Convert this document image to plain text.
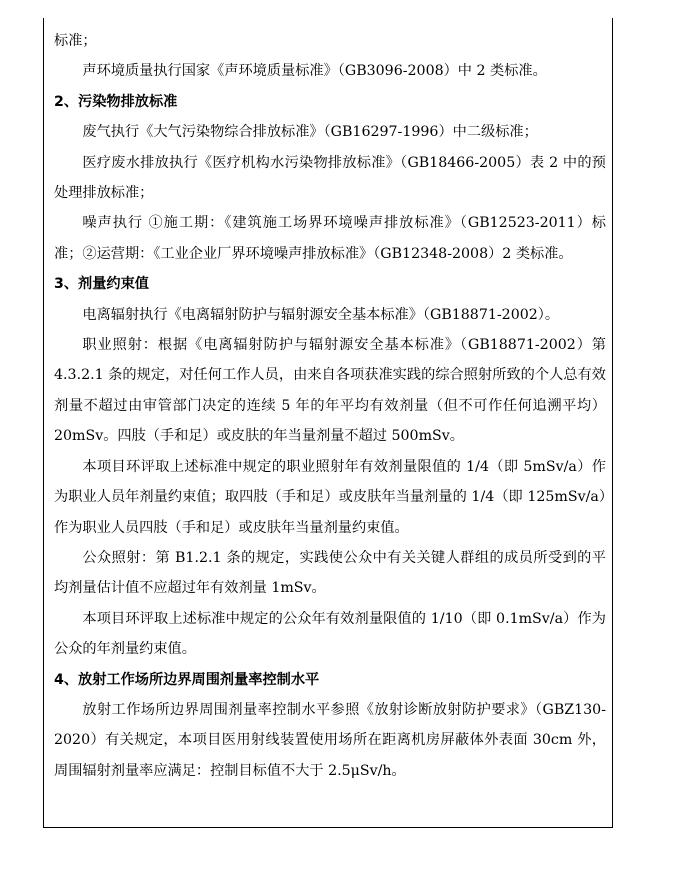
标准；

声环境质量执行国家《声环境质量标准》（GB3096-2008）中 2 类标准。

2、污染物排放标准

废气执行《大气污染物综合排放标准》（GB16297-1996）中二级标准；

医疗废水排放执行《医疗机构水污染物排放标准》（GB18466-2005）表 2 中的预处理排放标准；

噪声执行 ①施工期：《建筑施工场界环境噪声排放标准》（GB12523-2011）标准；②运营期：《工业企业厂界环境噪声排放标准》（GB12348-2008）2 类标准。

3、剂量约束值

电离辐射执行《电离辐射防护与辐射源安全基本标准》（GB18871-2002）。

职业照射：根据《电离辐射防护与辐射源安全基本标准》（GB18871-2002）第 4.3.2.1 条的规定，对任何工作人员，由来自各项获准实践的综合照射所致的个人总有效剂量不超过由审管部门决定的连续 5 年的年平均有效剂量（但不可作任何追溯平均）20mSv。四肢（手和足）或皮肤的年当量剂量不超过 500mSv。

本项目环评取上述标准中规定的职业照射年有效剂量限值的 1/4（即 5mSv/a）作为职业人员年剂量约束值；取四肢（手和足）或皮肤年当量剂量的 1/4（即 125mSv/a）作为职业人员四肢（手和足）或皮肤年当量剂量约束值。

公众照射：第 B1.2.1 条的规定，实践使公众中有关关键人群组的成员所受到的平均剂量估计值不应超过年有效剂量 1mSv。

本项目环评取上述标准中规定的公众年有效剂量限值的 1/10（即 0.1mSv/a）作为公众的年剂量约束值。

4、放射工作场所边界周围剂量率控制水平

放射工作场所边界周围剂量率控制水平参照《放射诊断放射防护要求》（GBZ130-2020）有关规定，本项目医用射线装置使用场所在距离机房屏蔽体外表面 30cm 外，周围辐射剂量率应满足：控制目标值不大于 2.5μSv/h。
